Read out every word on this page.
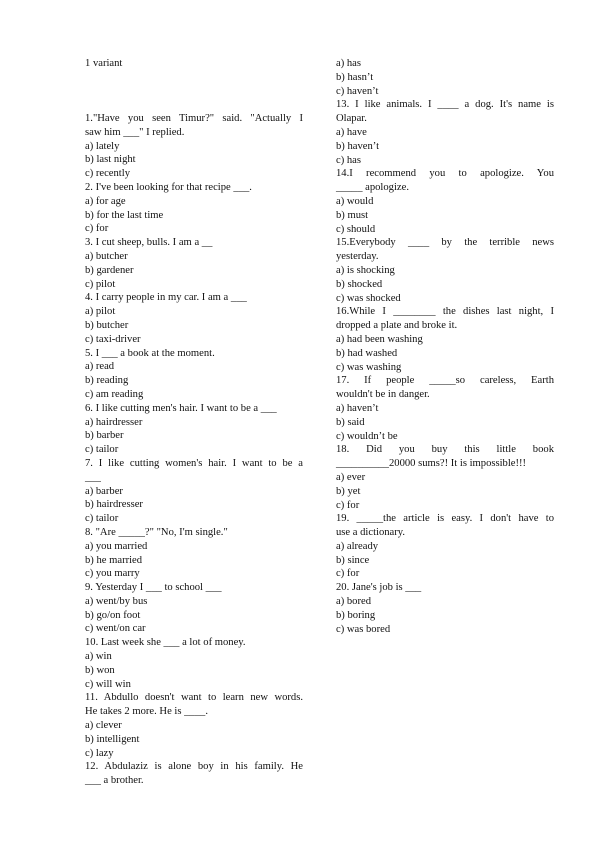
1 variant
1."Have you seen Timur?" said. "Actually I
saw him ___" I replied.
a) lately
b) last night
c) recently
2. I've been looking for that recipe ___.
a) for age
b) for the last time
c) for
3. I cut sheep, bulls. I am a __
a) butcher
b) gardener
c) pilot
4. I carry people in my car. I am a ___
a) pilot
b) butcher
c) taxi-driver
5. I ___ a book at the moment.
a) read
b) reading
c) am reading
6. I like cutting men's hair. I want to be a ___
a) hairdresser
b) barber
c) tailor
7. I like cutting women's hair. I want to be a
___
a) barber
b) hairdresser
c) tailor
8. "Are _____?" "No, I'm single."
a) you married
b) he married
c) you marry
9. Yesterday I ___ to school ___
a) went/by bus
b) go/on foot
c) went/on car
10. Last week she ___ a lot of money.
a) win
b) won
c) will win
11. Abdullo doesn't want to learn new words.
He takes 2 more. He is ____.
a) clever
b) intelligent
c) lazy
12. Abdulaziz is alone boy in his family. He
___ a brother.
a) has
b) hasn’t
c) haven’t
13. I like animals. I ____ a dog. It's name is
Olapar.
a) have
b) haven’t
c) has
14.I recommend you to apologize. You
_____ apologize.
a) would
b) must
c) should
15.Everybody ____ by the terrible news
yesterday.
a) is shocking
b) shocked
c) was shocked
16.While I ________ the dishes last night, I
dropped a plate and broke it.
a) had been washing
b) had washed
c) was washing
17. If people _____so careless, Earth
wouldn't be in danger.
a) haven’t
b) said
c) wouldn’t be
18. Did you buy this little book
__________20000 sums?! It is impossible!!!
a) ever
b) yet
c) for
19. _____the article is easy. I don't have to
use a dictionary.
a) already
b) since
c) for
20. Jane's job is ___
a) bored
b) boring
c) was bored
